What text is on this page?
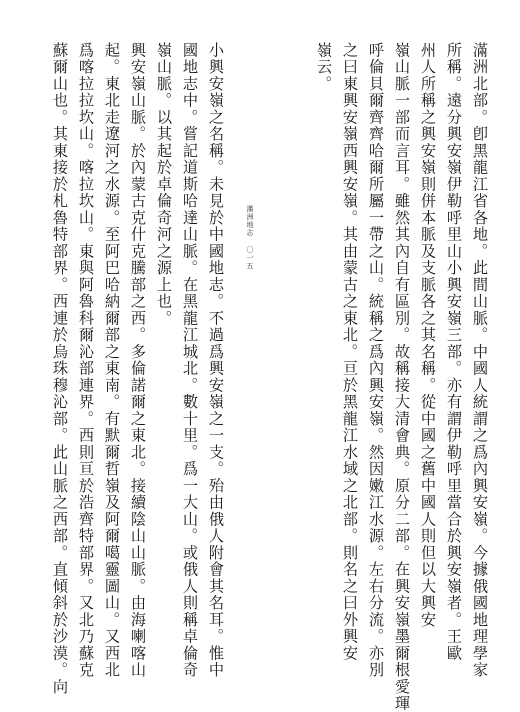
滿洲北部。卽黑龍江省各地。此間山脈。中國人統謂之爲內興安嶺。今據俄國地理學家
所稱。遠分興安嶺伊勒呼里山小興安嶺三部。亦有謂伊勒呼里當合於興安嶺者。王歐
州人所稱之興安嶺則併本脈及支脈各之其名稱。從中國之舊中國人則但以大興安
嶺山脈一部而言耳。雖然其內自有區別。故稱接大清會典。原分二部。在興安嶺墨爾根愛琿
呼倫貝爾齊齊哈爾所屬一帶之山。統稱之爲內興安嶺。然因嫩江水源。左右分流。亦別
之曰東興安嶺西興安嶺。其由蒙古之東北。亘於黑龍江水域之北部。則名之曰外興安
嶺云。
滿洲地志 〇一五
小興安嶺之名稱。未見於中國地志。不過爲興安嶺之一支。殆由俄人附會其名耳。惟中
國地志中。嘗記道斯哈達山脈。在黑龍江城北。數十里。爲一大山。或俄人則稱卓倫奇
嶺山脈。以其起於卓倫奇河之源上也。
興安嶺山脈。於內蒙古克什克騰部之西。多倫諾爾之東北。接續陰山山脈。由海喇喀山
起。東北走遼河之水源。至阿巴哈納爾部之東南。有默爾哲嶺及阿爾噶靈圖山。又西北
爲喀拉拉坎山。喀拉坎山。東與阿魯科爾沁部連界。西則亘於浩齊特部界。又北乃蘇克
蘇爾山也。其東接於札魯特部界。西連於烏珠穆沁部。此山脈之西部。直傾斜於沙漠。向
